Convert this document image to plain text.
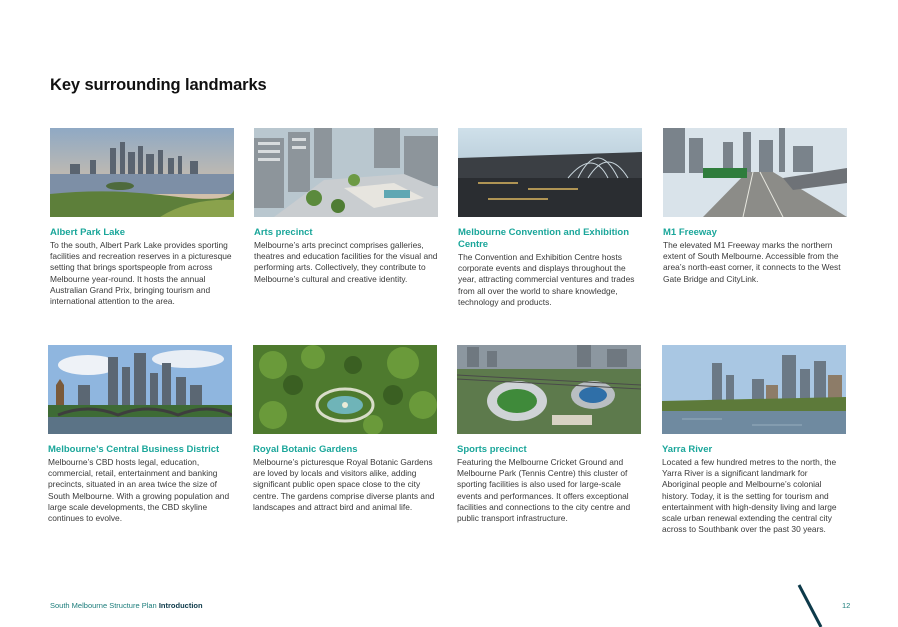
Key surrounding landmarks
Albert Park Lake
To the south, Albert Park Lake provides sporting facilities and recreation reserves in a picturesque setting that brings sportspeople from across Melbourne year-round. It hosts the annual Australian Grand Prix, bringing tourism and international attention to the area.
Arts precinct
Melbourne’s arts precinct comprises galleries, theatres and education facilities for the visual and performing arts. Collectively, they contribute to Melbourne’s cultural and creative identity.
Melbourne Convention and Exhibition Centre
The Convention and Exhibition Centre hosts corporate events and displays throughout the year, attracting commercial ventures and trades from all over the world to share knowledge, technology and products.
M1 Freeway
The elevated M1 Freeway marks the northern extent of South Melbourne. Accessible from the area’s north-east corner, it connects to the West Gate Bridge and CityLink.
Melbourne’s Central Business District
Melbourne’s CBD hosts legal, education, commercial, retail, entertainment and banking precincts, situated in an area twice the size of South Melbourne. With a growing population and large scale developments, the CBD skyline continues to evolve.
Royal Botanic Gardens
Melbourne’s picturesque Royal Botanic Gardens are loved by locals and visitors alike, adding significant public open space close to the city centre. The gardens comprise diverse plants and landscapes and attract bird and animal life.
Sports precinct
Featuring the Melbourne Cricket Ground and Melbourne Park (Tennis Centre) this cluster of sporting facilities is also used for large-scale events and performances. It offers exceptional facilities and connections to the city centre and public transport infrastructure.
Yarra River
Located a few hundred metres to the north, the Yarra River is a significant landmark for Aboriginal people and Melbourne’s colonial history. Today, it is the setting for tourism and entertainment with high-density living and large scale urban renewal extending the central city across to Southbank over the past 30 years.
South Melbourne Structure Plan Introduction	12
